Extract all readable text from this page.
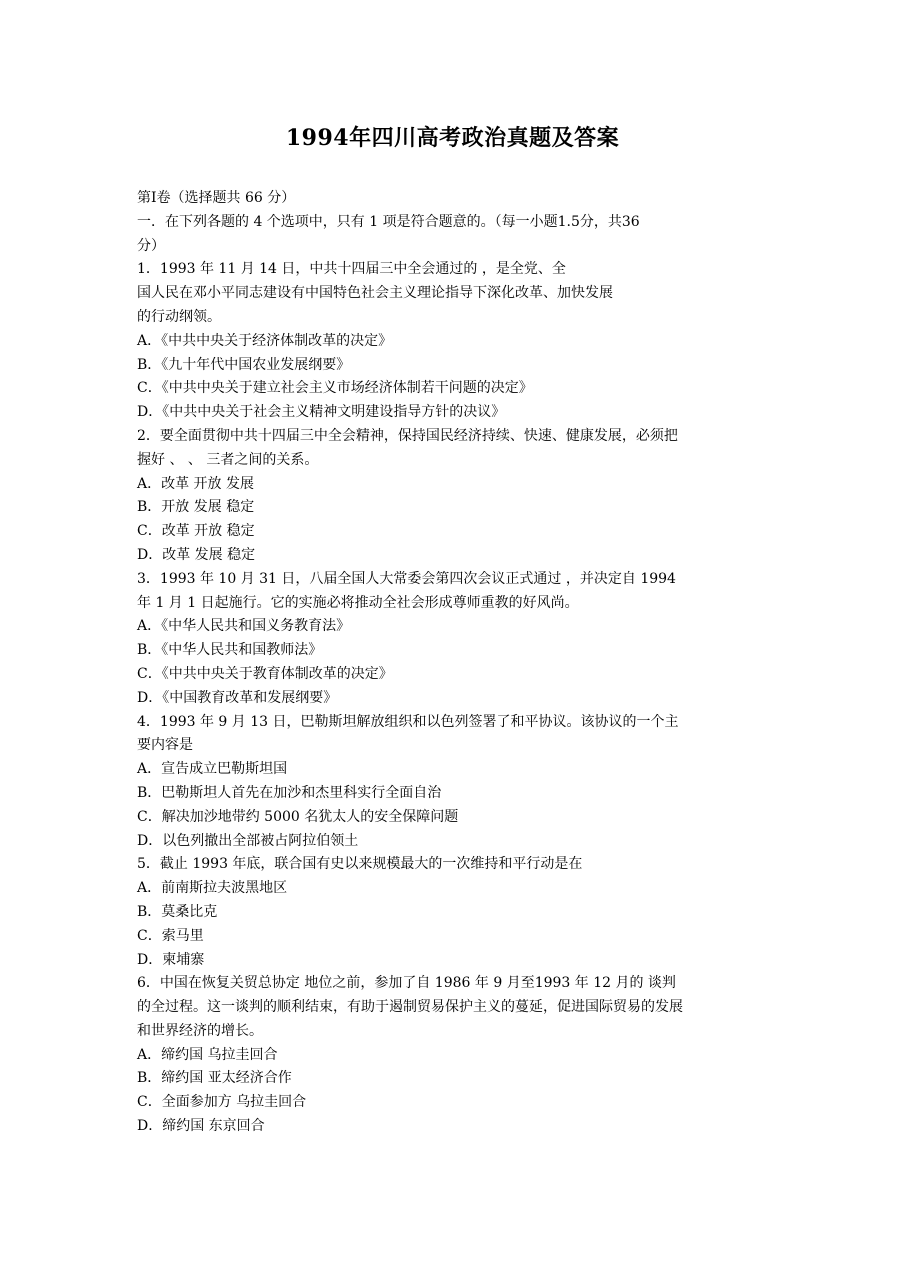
1994年四川高考政治真题及答案
第Ⅰ卷（选择题共 66 分）
一．在下列各题的 4 个选项中，只有 1 项是符合题意的。（每一小题1.5分，共36
分）
1．1993 年 11 月 14 日，中共十四届三中全会通过的 ，是全党、全
国人民在邓小平同志建设有中国特色社会主义理论指导下深化改革、加快发展
的行动纲领。
A．《中共中央关于经济体制改革的决定》
B．《九十年代中国农业发展纲要》
C．《中共中央关于建立社会主义市场经济体制若干问题的决定》
D．《中共中央关于社会主义精神文明建设指导方针的决议》
2．要全面贯彻中共十四届三中全会精神，保持国民经济持续、快速、健康发展，必须把
握好 、 、 三者之间的关系。
A．改革 开放 发展
B．开放 发展 稳定
C．改革 开放 稳定
D．改革 发展 稳定
3．1993 年 10 月 31 日，八届全国人大常委会第四次会议正式通过 ，并决定自 1994
年 1 月 1 日起施行。它的实施必将推动全社会形成尊师重教的好风尚。
A．《中华人民共和国义务教育法》
B．《中华人民共和国教师法》
C．《中共中央关于教育体制改革的决定》
D．《中国教育改革和发展纲要》
4．1993 年 9 月 13 日，巴勒斯坦解放组织和以色列签署了和平协议。该协议的一个主
要内容是
A．宣告成立巴勒斯坦国
B．巴勒斯坦人首先在加沙和杰里科实行全面自治
C．解决加沙地带约 5000 名犹太人的安全保障问题
D．以色列撤出全部被占阿拉伯领土
5．截止 1993 年底，联合国有史以来规模最大的一次维持和平行动是在
A．前南斯拉夫波黑地区
B．莫桑比克
C．索马里
D．柬埔寨
6．中国在恢复关贸总协定 地位之前，参加了自 1986 年 9 月至1993 年 12 月的 谈判
的全过程。这一谈判的顺利结束，有助于遏制贸易保护主义的蔓延，促进国际贸易的发展
和世界经济的增长。
A．缔约国 乌拉圭回合
B．缔约国 亚太经济合作
C．全面参加方 乌拉圭回合
D．缔约国 东京回合
